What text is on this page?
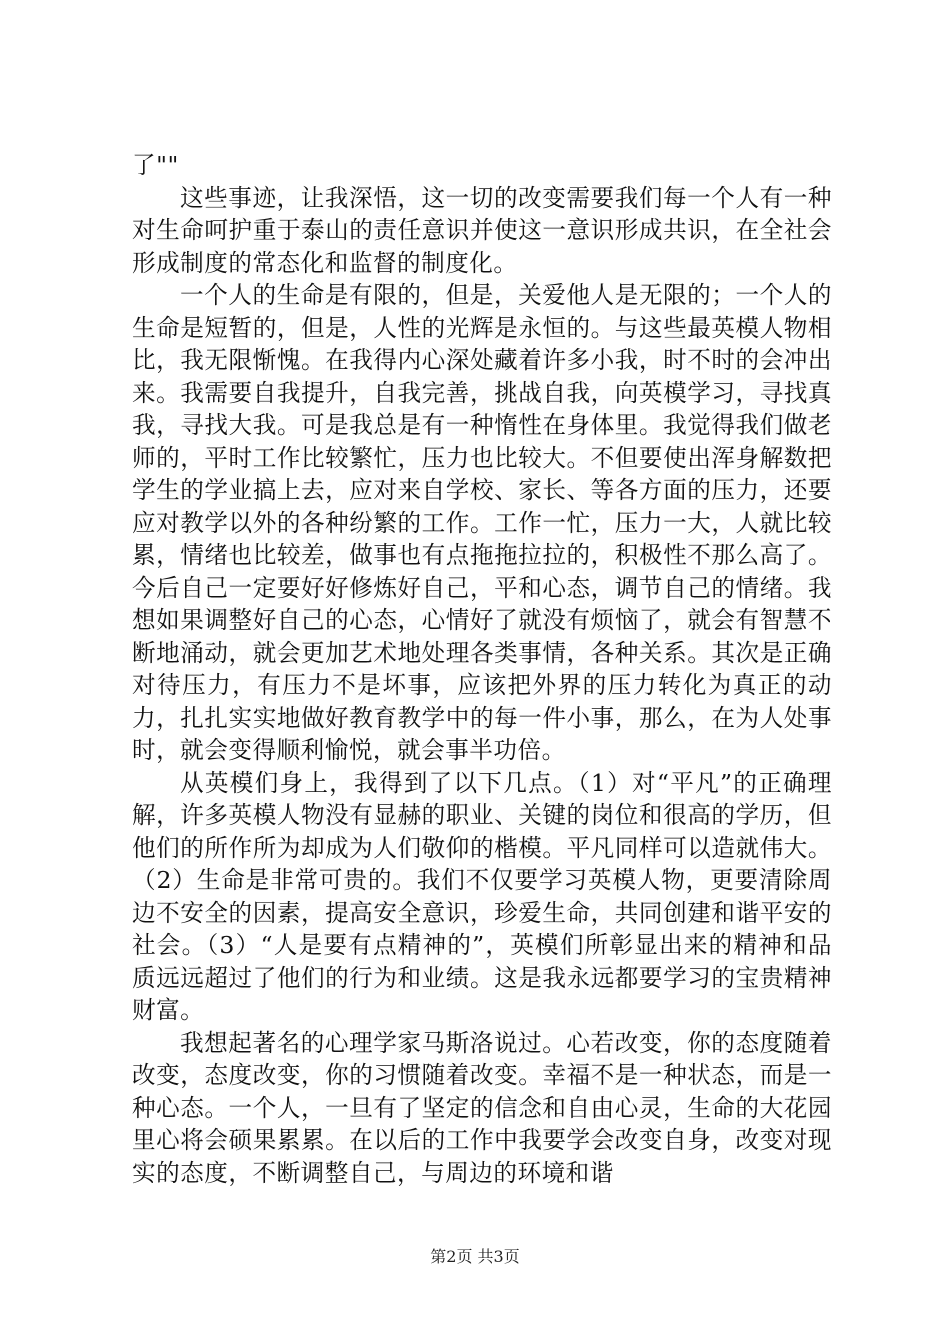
了""

这些事迹，让我深悟，这一切的改变需要我们每一个人有一种对生命呵护重于泰山的责任意识并使这一意识形成共识，在全社会形成制度的常态化和监督的制度化。

一个人的生命是有限的，但是，关爱他人是无限的；一个人的生命是短暂的，但是，人性的光辉是永恒的。与这些最英模人物相比，我无限惭愧。在我得内心深处藏着许多小我，时不时的会冲出来。我需要自我提升，自我完善，挑战自我，向英模学习，寻找真我，寻找大我。可是我总是有一种惰性在身体里。我觉得我们做老师的，平时工作比较繁忙，压力也比较大。不但要使出浑身解数把学生的学业搞上去，应对来自学校、家长、等各方面的压力，还要应对教学以外的各种纷繁的工作。工作一忙，压力一大，人就比较累，情绪也比较差，做事也有点拖拖拉拉的，积极性不那么高了。今后自己一定要好好修炼好自己，平和心态，调节自己的情绪。我想如果调整好自己的心态，心情好了就没有烦恼了，就会有智慧不断地涌动，就会更加艺术地处理各类事情，各种关系。其次是正确对待压力，有压力不是坏事，应该把外界的压力转化为真正的动力，扎扎实实地做好教育教学中的每一件小事，那么，在为人处事时，就会变得顺利愉悦，就会事半功倍。

从英模们身上，我得到了以下几点。（1）对“平凡”的正确理解，许多英模人物没有显赫的职业、关键的岗位和很高的学历，但他们的所作所为却成为人们敬仰的楷模。平凡同样可以造就伟大。（2）生命是非常可贵的。我们不仅要学习英模人物，更要清除周边不安全的因素，提高安全意识，珍爱生命，共同创建和谐平安的社会。（3）“人是要有点精神的”，英模们所彰显出来的精神和品质远远超过了他们的行为和业绩。这是我永远都要学习的宝贵精神财富。

我想起著名的心理学家马斯洛说过。心若改变，你的态度随着改变，态度改变，你的习惯随着改变。幸福不是一种状态，而是一种心态。一个人，一旦有了坚定的信念和自由心灵，生命的大花园里心将会硕果累累。在以后的工作中我要学会改变自身，改变对现实的态度，不断调整自己，与周边的环境和谐

第2页 共3页
